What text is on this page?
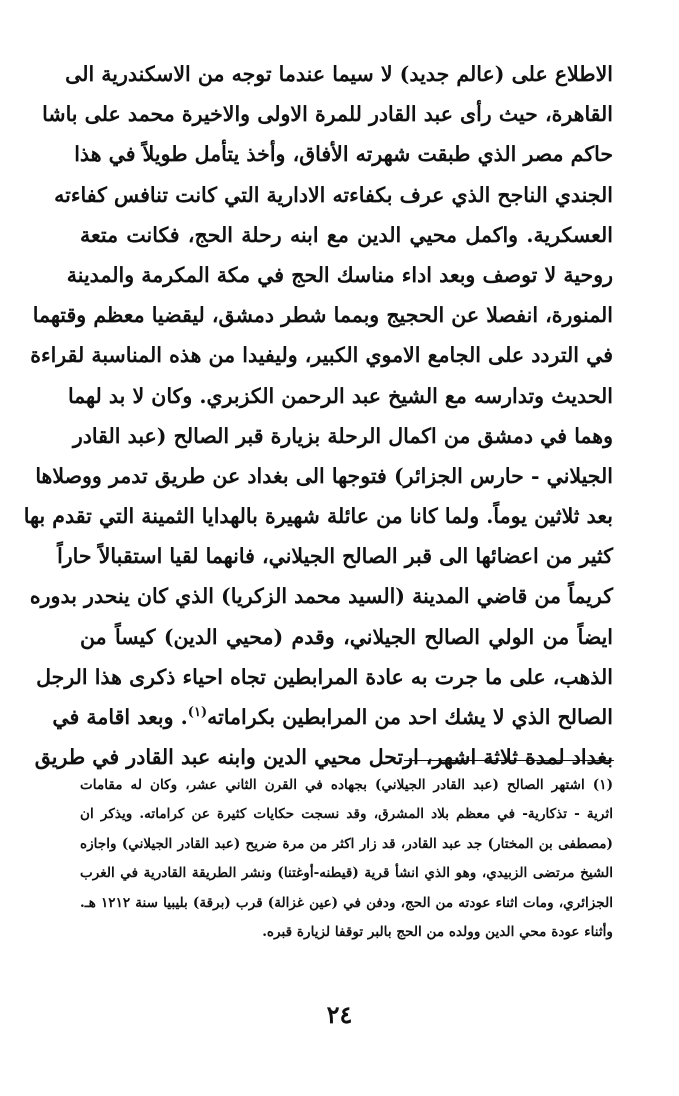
الاطلاع على (عالم جديد) لا سيما عندما توجه من الاسكندرية الى
القاهرة، حيث رأى عبد القادر للمرة الاولى والاخيرة محمد على باشا
حاكم مصر الذي طبقت شهرته الأفاق، وأخذ يتأمل طويلاً في هذا
الجندي الناجح الذي عرف بكفاءته الادارية التي كانت تنافس كفاءته
العسكرية. واكمل محيي الدين مع ابنه رحلة الحج، فكانت متعة
روحية لا توصف وبعد اداء مناسك الحج في مكة المكرمة والمدينة
المنورة، انفصلا عن الحجيج وبمما شطر دمشق، ليقضيا معظم وقتهما
في التردد على الجامع الاموي الكبير، وليفيدا من هذه المناسبة لقراءة
الحديث وتدارسه مع الشيخ عبد الرحمن الكزبري. وكان لا بد لهما
وهما في دمشق من اكمال الرحلة بزيارة قبر الصالح (عبد القادر
الجيلاني - حارس الجزائر) فتوجها الى بغداد عن طريق تدمر ووصلاها
بعد ثلاثين يوماً. ولما كانا من عائلة شهيرة بالهدايا الثمينة التي تقدم بها
كثير من اعضائها الى قبر الصالح الجيلاني، فانهما لقيا استقبالاً حاراً
كريماً من قاضي المدينة (السيد محمد الزكريا) الذي كان ينحدر بدوره
ايضاً من الولي الصالح الجيلاني، وقدم (محيي الدين) كيساً من
الذهب، على ما جرت به عادة المرابطين تجاه احياء ذكرى هذا الرجل
الصالح الذي لا يشك احد من المرابطين بكراماته$^{(١)}$. وبعد اقامة في
بغداد لمدة ثلاثة اشهر، ارتحل محيي الدين وابنه عبد القادر في طريق
(١) اشتهر الصالح (عبد القادر الجيلاني) بجهاده في القرن الثاني عشر، وكان له مقامات
اثرية - تذكارية- في معظم بلاد المشرق، وقد نسجت حكايات كثيرة عن كراماته. ويذكر ان
(مصطفى بن المختار) جد عبد القادر، قد زار اكثر من مرة ضريح (عبد القادر الجيلاني) واجازه
الشيخ مرتضى الزبيدي، وهو الذي انشأ قرية (قيطنه-أوغتنا) ونشر الطريقة القادرية في الغرب
الجزائري، ومات اثناء عودته من الحج، ودفن في (عين غزالة) قرب (برقة) بليبيا سنة ١٢١٢ هـ.
وأثناء عودة محي الدين وولده من الحج بالبر توقفا لزيارة قبره.
٢٤
